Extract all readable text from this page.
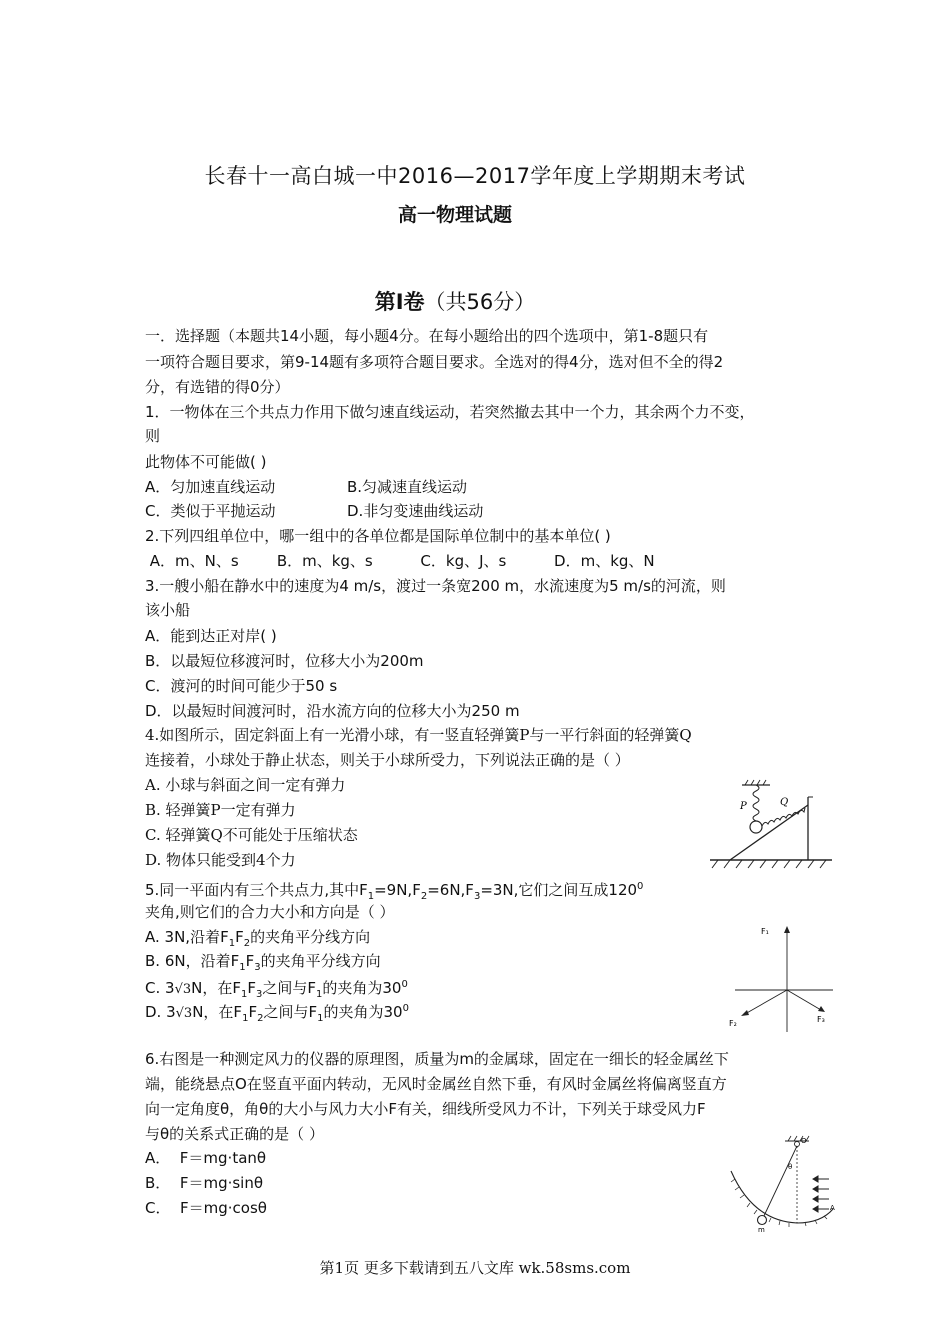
长春十一高白城一中2016—2017学年度上学期期末考试
高一物理试题
第Ⅰ卷（共56分）
一．选择题（本题共14小题，每小题4分。在每小题给出的四个选项中，第1-8题只有
一项符合题目要求，第9-14题有多项符合题目要求。全选对的得4分，选对但不全的得2
分，有选错的得0分）
1．一物体在三个共点力作用下做匀速直线运动，若突然撤去其中一个力，其余两个力不变，
则
此物体不可能做( )
A．匀加速直线运动	B.匀减速直线运动
C．类似于平抛运动	D.非匀变速曲线运动
2.下列四组单位中，哪一组中的各单位都是国际单位制中的基本单位( )
A．m、N、s        B．m、kg、s          C．kg、J、s          D．m、kg、N
3.一艘小船在静水中的速度为4 m/s，渡过一条宽200 m，水流速度为5 m/s的河流，则
该小船
A．能到达正对岸( )
B．以最短位移渡河时，位移大小为200m
C．渡河的时间可能少于50 s
D．以最短时间渡河时，沿水流方向的位移大小为250 m
4.如图所示，固定斜面上有一光滑小球，有一竖直轻弹簧P与一平行斜面的轻弹簧Q
连接着，小球处于静止状态，则关于小球所受力，下列说法正确的是（ ）
A. 小球与斜面之间一定有弹力
B. 轻弹簧P一定有弹力
C. 轻弹簧Q不可能处于压缩状态
D. 物体只能受到4个力
P	Q
5.同一平面内有三个共点力,其中$F_1=9N,F_2=6N,F_3=3N$,它们之间互成$120^0$
夹角,则它们的合力大小和方向是（ ）
A. 3N,沿着$F_1F_2$的夹角平分线方向
B. 6N，沿着$F_1F_3$的夹角平分线方向
C. 3√3N，在$F_1F_3$之间与$F_1$的夹角为$30^0$
D. 3√3N，在$F_1F_2$之间与$F_1$的夹角为$30^0$
F₁
F₂	F₃
6.右图是一种测定风力的仪器的原理图，质量为m的金属球，固定在一细长的轻金属丝下
端，能绕悬点O在竖直平面内转动，无风时金属丝自然下垂，有风时金属丝将偏离竖直方
向一定角度θ，角θ的大小与风力大小F有关，细线所受风力不计，下列关于球受风力F
与θ的关系式正确的是（ ）
A．  F＝mg·tanθ
B．  F＝mg·sinθ
C．  F＝mg·cosθ
O
θ
m
A
第1页 更多下载请到五八文库 wk.58sms.com
